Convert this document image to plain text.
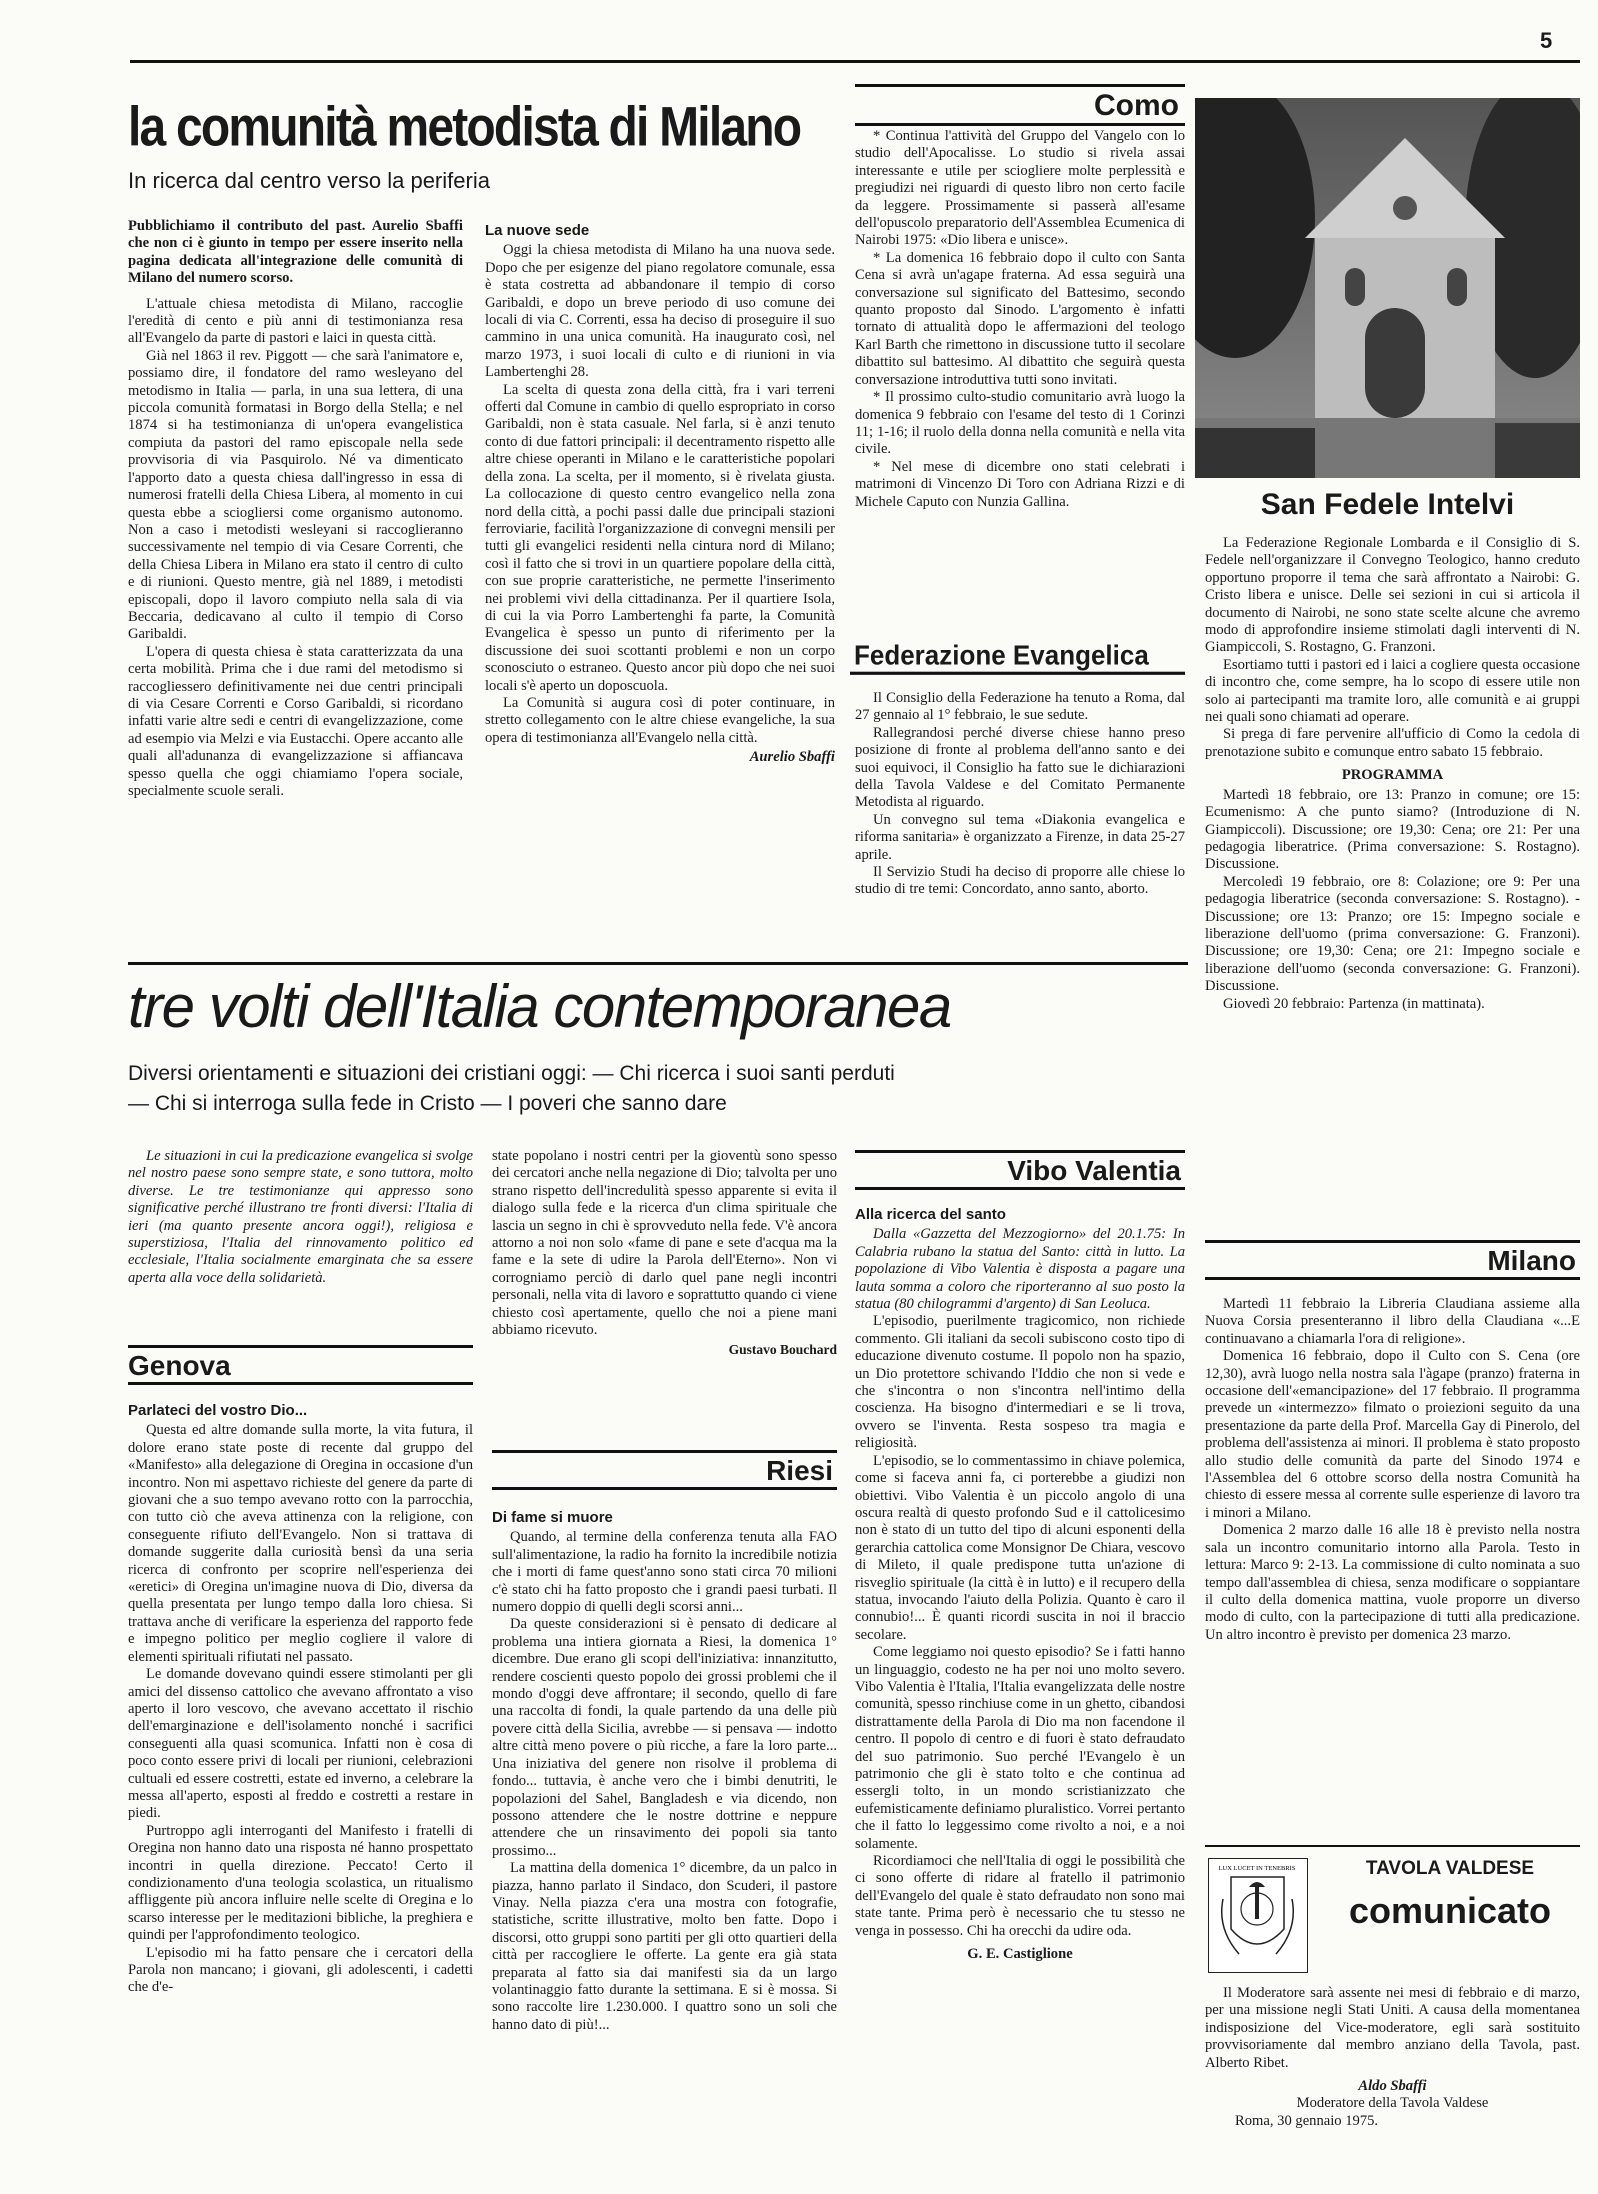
5
la comunità metodista di Milano
In ricerca dal centro verso la periferia

Pubblichiamo il contributo del past. Aurelio Sbaffi che non ci è giunto in tempo per essere inserito nella pagina dedicata all'integrazione delle comunità di Milano del numero scorso.

L'attuale chiesa metodista di Milano, raccoglie l'eredità di cento e più anni di testimonianza resa all'Evangelo da parte di pastori e laici in questa città.

Già nel 1863 il rev. Piggott — che sarà l'animatore e, possiamo dire, il fondatore del ramo wesleyano del metodismo in Italia — parla, in una sua lettera, di una piccola comunità formatasi in Borgo della Stella; e nel 1874 si ha testimonianza di un'opera evangelistica compiuta da pastori del ramo episcopale nella sede provvisoria di via Pasquirolo. Né va dimenticato l'apporto dato a questa chiesa dall'ingresso in essa di numerosi fratelli della Chiesa Libera, al momento in cui questa ebbe a sciogliersi come organismo autonomo. Non a caso i metodisti wesleyani si raccoglieranno successivamente nel tempio di via Cesare Correnti, che della Chiesa Libera in Milano era stato il centro di culto e di riunioni. Questo mentre, già nel 1889, i metodisti episcopali, dopo il lavoro compiuto nella sala di via Beccaria, dedicavano al culto il tempio di Corso Garibaldi.

L'opera di questa chiesa è stata caratterizzata da una certa mobilità. Prima che i due rami del metodismo si raccogliessero definitivamente nei due centri principali di via Cesare Correnti e Corso Garibaldi, si ricordano infatti varie altre sedi e centri di evangelizzazione, come ad esempio via Melzi e via Eustacchi. Opere accanto alle quali all'adunanza di evangelizzazione si affiancava spesso quella che oggi chiamiamo l'opera sociale, specialmente scuole serali.

La nuove sede

Oggi la chiesa metodista di Milano ha una nuova sede. Dopo che per esigenze del piano regolatore comunale, essa è stata costretta ad abbandonare il tempio di corso Garibaldi, e dopo un breve periodo di uso comune dei locali di via C. Correnti, essa ha deciso di proseguire il suo cammino in una unica comunità. Ha inaugurato così, nel marzo 1973, i suoi locali di culto e di riunioni in via Lambertenghi 28.

La scelta di questa zona della città, fra i vari terreni offerti dal Comune in cambio di quello espropriato in corso Garibaldi, non è stata casuale. Nel farla, si è anzi tenuto conto di due fattori principali: il decentramento rispetto alle altre chiese operanti in Milano e le caratteristiche popolari della zona. La scelta, per il momento, si è rivelata giusta. La collocazione di questo centro evangelico nella zona nord della città, a pochi passi dalle due principali stazioni ferroviarie, facilità l'organizzazione di convegni mensili per tutti gli evangelici residenti nella cintura nord di Milano; così il fatto che si trovi in un quartiere popolare della città, con sue proprie caratteristiche, ne permette l'inserimento nei problemi vivi della cittadinanza. Per il quartiere Isola, di cui la via Porro Lambertenghi fa parte, la Comunità Evangelica è spesso un punto di riferimento per la discussione dei suoi scottanti problemi e non un corpo sconosciuto o estraneo. Questo ancor più dopo che nei suoi locali s'è aperto un doposcuola.

La Comunità si augura così di poter continuare, in stretto collegamento con le altre chiese evangeliche, la sua opera di testimonianza all'Evangelo nella città.

Aurelio Sbaffi
Como

* Continua l'attività del Gruppo del Vangelo con lo studio dell'Apocalisse. Lo studio si rivela assai interessante e utile per sciogliere molte perplessità e pregiudizi nei riguardi di questo libro non certo facile da leggere. Prossimamente si passerà all'esame dell'opuscolo preparatorio dell'Assemblea Ecumenica di Nairobi 1975: «Dio libera e unisce».

* La domenica 16 febbraio dopo il culto con Santa Cena si avrà un'agape fraterna. Ad essa seguirà una conversazione sul significato del Battesimo, secondo quanto proposto dal Sinodo. L'argomento è infatti tornato di attualità dopo le affermazioni del teologo Karl Barth che rimettono in discussione tutto il secolare dibattito sul battesimo. Al dibattito che seguirà questa conversazione introduttiva tutti sono invitati.

* Il prossimo culto-studio comunitario avrà luogo la domenica 9 febbraio con l'esame del testo di 1 Corinzi 11; 1-16; il ruolo della donna nella comunità e nella vita civile.

* Nel mese di dicembre ono stati celebrati i matrimoni di Vincenzo Di Toro con Adriana Rizzi e di Michele Caputo con Nunzia Gallina.

Federazione Evangelica

Il Consiglio della Federazione ha tenuto a Roma, dal 27 gennaio al 1° febbraio, le sue sedute.

Rallegrandosi perché diverse chiese hanno preso posizione di fronte al problema dell'anno santo e dei suoi equivoci, il Consiglio ha fatto sue le dichiarazioni della Tavola Valdese e del Comitato Permanente Metodista al riguardo.

Un convegno sul tema «Diakonia evangelica e riforma sanitaria» è organizzato a Firenze, in data 25-27 aprile.

Il Servizio Studi ha deciso di proporre alle chiese lo studio di tre temi: Concordato, anno santo, aborto.

San Fedele Intelvi

La Federazione Regionale Lombarda e il Consiglio di S. Fedele nell'organizzare il Convegno Teologico, hanno creduto opportuno proporre il tema che sarà affrontato a Nairobi: G. Cristo libera e unisce. Delle sei sezioni in cui si articola il documento di Nairobi, ne sono state scelte alcune che avremo modo di approfondire insieme stimolati dagli interventi di N. Giampiccoli, S. Rostagno, G. Franzoni.

Esortiamo tutti i pastori ed i laici a cogliere questa occasione di incontro che, come sempre, ha lo scopo di essere utile non solo ai partecipanti ma tramite loro, alle comunità e ai gruppi nei quali sono chiamati ad operare.

Si prega di fare pervenire all'ufficio di Como la cedola di prenotazione subito e comunque entro sabato 15 febbraio.

PROGRAMMA

Martedì 18 febbraio, ore 13: Pranzo in comune; ore 15: Ecumenismo: A che punto siamo? (Introduzione di N. Giampiccoli). Discussione; ore 19,30: Cena; ore 21: Per una pedagogia liberatrice. (Prima conversazione: S. Rostagno). Discussione.

Mercoledì 19 febbraio, ore 8: Colazione; ore 9: Per una pedagogia liberatrice (seconda conversazione: S. Rostagno). - Discussione; ore 13: Pranzo; ore 15: Impegno sociale e liberazione dell'uomo (prima conversazione: G. Franzoni). Discussione; ore 19,30: Cena; ore 21: Impegno sociale e liberazione dell'uomo (seconda conversazione: G. Franzoni). Discussione.

Giovedì 20 febbraio: Partenza (in mattinata).

tre volti dell'Italia contemporanea
Diversi orientamenti e situazioni dei cristiani oggi: — Chi ricerca i suoi santi perduti
— Chi si interroga sulla fede in Cristo — I poveri che sanno dare

Le situazioni in cui la predicazione evangelica si svolge nel nostro paese sono sempre state, e sono tuttora, molto diverse. Le tre testimonianze qui appresso sono significative perché illustrano tre fronti diversi: l'Italia di ieri (ma quanto presente ancora oggi!), religiosa e superstiziosa, l'Italia del rinnovamento politico ed ecclesiale, l'Italia socialmente emarginata che sa essere aperta alla voce della solidarietà.

Genova
Parlateci del vostro Dio...

Questa ed altre domande sulla morte, la vita futura, il dolore erano state poste di recente dal gruppo del «Manifesto» alla delegazione di Oregina in occasione d'un incontro. Non mi aspettavo richieste del genere da parte di giovani che a suo tempo avevano rotto con la parrocchia, con tutto ciò che aveva attinenza con la religione, con conseguente rifiuto dell'Evangelo. Non si trattava di domande suggerite dalla curiosità bensì da una seria ricerca di confronto per scoprire nell'esperienza dei «eretici» di Oregina un'imagine nuova di Dio, diversa da quella presentata per lungo tempo dalla loro chiesa. Si trattava anche di verificare la esperienza del rapporto fede e impegno politico per meglio cogliere il valore di elementi spirituali rifiutati nel passato.

Le domande dovevano quindi essere stimolanti per gli amici del dissenso cattolico che avevano affrontato a viso aperto il loro vescovo, che avevano accettato il rischio dell'emarginazione e dell'isolamento nonché i sacrifici conseguenti alla quasi scomunica. Infatti non è cosa di poco conto essere privi di locali per riunioni, celebrazioni cultuali ed essere costretti, estate ed inverno, a celebrare la messa all'aperto, esposti al freddo e costretti a restare in piedi.

Purtroppo agli interroganti del Manifesto i fratelli di Oregina non hanno dato una risposta né hanno prospettato incontri in quella direzione. Peccato! Certo il condizionamento d'una teologia scolastica, un ritualismo affliggente più ancora influire nelle scelte di Oregina e lo scarso interesse per le meditazioni bibliche, la preghiera e quindi per l'approfondimento teologico.

L'episodio mi ha fatto pensare che i cercatori della Parola non mancano; i giovani, gli adolescenti, i cadetti che d'e-

state popolano i nostri centri per la gioventù sono spesso dei cercatori anche nella negazione di Dio; talvolta per uno strano rispetto dell'incredulità spesso apparente si evita il dialogo sulla fede e la ricerca d'un clima spirituale che lascia un segno in chi è sprovveduto nella fede. V'è ancora attorno a noi non solo «fame di pane e sete d'acqua ma la fame e la sete di udire la Parola dell'Eterno». Non vi corrogniamo perciò di darlo quel pane negli incontri personali, nella vita di lavoro e soprattutto quando ci viene chiesto così apertamente, quello che noi a piene mani abbiamo ricevuto.

Gustavo Bouchard
Riesi
Di fame si muore

Quando, al termine della conferenza tenuta alla FAO sull'alimentazione, la radio ha fornito la incredibile notizia che i morti di fame quest'anno sono stati circa 70 milioni c'è stato chi ha fatto proposto che i grandi paesi turbati. Il numero doppio di quelli degli scorsi anni...

Da queste considerazioni si è pensato di dedicare al problema una intiera giornata a Riesi, la domenica 1° dicembre. Due erano gli scopi dell'iniziativa: innanzitutto, rendere coscienti questo popolo dei grossi problemi che il mondo d'oggi deve affrontare; il secondo, quello di fare una raccolta di fondi, la quale partendo da una delle più povere città della Sicilia, avrebbe — si pensava — indotto altre città meno povere o più ricche, a fare la loro parte... Una iniziativa del genere non risolve il problema di fondo... tuttavia, è anche vero che i bimbi denutriti, le popolazioni del Sahel, Bangladesh e via dicendo, non possono attendere che le nostre dottrine e neppure attendere che un rinsavimento dei popoli sia tanto prossimo...

La mattina della domenica 1° dicembre, da un palco in piazza, hanno parlato il Sindaco, don Scuderi, il pastore Vinay. Nella piazza c'era una mostra con fotografie, statistiche, scritte illustrative, molto ben fatte. Dopo i discorsi, otto gruppi sono partiti per gli otto quartieri della città per raccogliere le offerte. La gente era già stata preparata al fatto sia dai manifesti sia da un largo volantinaggio fatto durante la settimana. E si è mossa. Si sono raccolte lire 1.230.000. I quattro sono un soli che hanno dato di più!...

Vibo Valentia
Alla ricerca del santo

Dalla «Gazzetta del Mezzogiorno» del 20.1.75: In Calabria rubano la statua del Santo: città in lutto. La popolazione di Vibo Valentia è disposta a pagare una lauta somma a coloro che riporteranno al suo posto la statua (80 chilogrammi d'argento) di San Leoluca.

L'episodio, puerilmente tragicomico, non richiede commento. Gli italiani da secoli subiscono costo tipo di educazione divenuto costume. Il popolo non ha spazio, un Dio protettore schivando l'Iddio che non si vede e che s'incontra o non s'incontra nell'intimo della coscienza. Ha bisogno d'intermediari e se li trova, ovvero se l'inventa. Resta sospeso tra magia e religiosità.

L'episodio, se lo commentassimo in chiave polemica, come si faceva anni fa, ci porterebbe a giudizi non obiettivi. Vibo Valentia è un piccolo angolo di una oscura realtà di questo profondo Sud e il cattolicesimo non è stato di un tutto del tipo di alcuni esponenti della gerarchia cattolica come Monsignor De Chiara, vescovo di Mileto, il quale predispone tutta un'azione di risveglio spirituale (la città è in lutto) e il recupero della statua, invocando l'aiuto della Polizia. Quanto è caro il connubio!... È quanti ricordi suscita in noi il braccio secolare.

Come leggiamo noi questo episodio? Se i fatti hanno un linguaggio, codesto ne ha per noi uno molto severo. Vibo Valentia è l'Italia, l'Italia evangelizzata delle nostre comunità, spesso rinchiuse come in un ghetto, cibandosi distrattamente della Parola di Dio ma non facendone il centro. Il popolo di centro e di fuori è stato defraudato del suo patrimonio. Suo perché l'Evangelo è un patrimonio che gli è stato tolto e che continua ad essergli tolto, in un mondo scristianizzato che eufemisticamente definiamo pluralistico. Vorrei pertanto che il fatto lo leggessimo come rivolto a noi, e a noi solamente.

Ricordiamoci che nell'Italia di oggi le possibilità che ci sono offerte di ridare al fratello il patrimonio dell'Evangelo del quale è stato defraudato non sono mai state tante. Prima però è necessario che tu stesso ne venga in possesso. Chi ha orecchi da udire oda.

G. E. Castiglione
Milano

Martedì 11 febbraio la Libreria Claudiana assieme alla Nuova Corsia presenteranno il libro della Claudiana «...E continuavano a chiamarla l'ora di religione».

Domenica 16 febbraio, dopo il Culto con S. Cena (ore 12,30), avrà luogo nella nostra sala l'àgape (pranzo) fraterna in occasione dell'«emancipazione» del 17 febbraio. Il programma prevede un «intermezzo» filmato o proiezioni seguito da una presentazione da parte della Prof. Marcella Gay di Pinerolo, del problema dell'assistenza ai minori. Il problema è stato proposto allo studio delle comunità da parte del Sinodo 1974 e l'Assemblea del 6 ottobre scorso della nostra Comunità ha chiesto di essere messa al corrente sulle esperienze di lavoro tra i minori a Milano.

Domenica 2 marzo dalle 16 alle 18 è previsto nella nostra sala un incontro comunitario intorno alla Parola. Testo in lettura: Marco 9: 2-13. La commissione di culto nominata a suo tempo dall'assemblea di chiesa, senza modificare o soppiantare il culto della domenica mattina, vuole proporre un diverso modo di culto, con la partecipazione di tutti alla predicazione. Un altro incontro è previsto per domenica 23 marzo.

LUX LUCET IN TENEBRIS	TAVOLA VALDESE
comunicato

Il Moderatore sarà assente nei mesi di febbraio e di marzo, per una missione negli Stati Uniti. A causa della momentanea indisposizione del Vice-moderatore, egli sarà sostituito provvisoriamente dal membro anziano della Tavola, past. Alberto Ribet.

Aldo Sbaffi
Moderatore della Tavola Valdese
Roma, 30 gennaio 1975.
